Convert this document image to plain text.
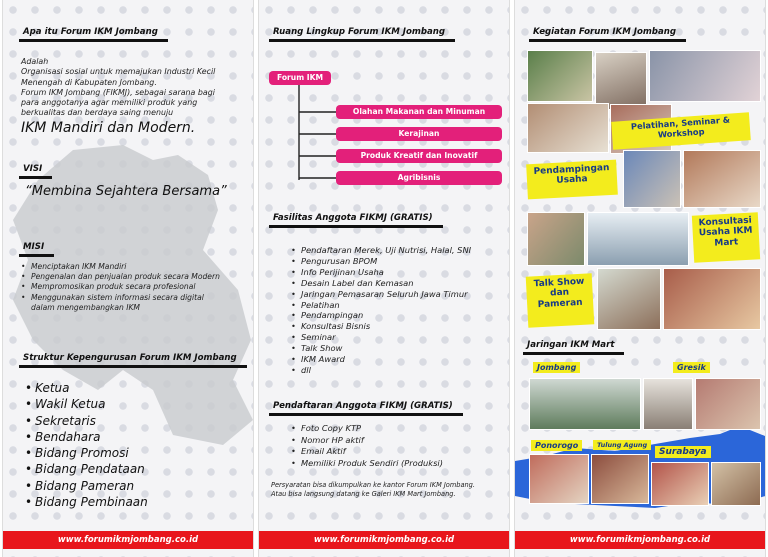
Apa itu Forum IKM Jombang
Adalah
Organisasi sosial untuk memajukan Industri Kecil
Menengah di Kabupaten Jombang.
Forum IKM Jombang (FIKMJ), sebagai sarana bagi
para anggotanya agar memiliki produk yang
berkualitas dan berdaya saing menuju
IKM Mandiri dan Modern.
VISI
“Membina Sejahtera Bersama”
MISI
• Menciptakan IKM Mandiri
• Pengenalan dan penjualan produk secara Modern
• Mempromosikan produk secara profesional
• Menggunakan sistem informasi secara digital
dalam mengembangkan IKM
Struktur Kepengurusan Forum IKM Jombang
• Ketua
• Wakil Ketua
• Sekretaris
• Bendahara
• Bidang Promosi
• Bidang Pendataan
• Bidang Pameran
• Bidang Pembinaan
www.forumikmjombang.co.id
Ruang Lingkup Forum IKM Jombang
Forum IKM
Olahan Makanan dan Minuman
Kerajinan
Produk Kreatif dan Inovatif
Agribisnis
Fasilitas Anggota FIKMJ (GRATIS)
• Pendaftaran Merek, Uji Nutrisi, Halal, SNI
• Pengurusan BPOM
• Info Perijinan Usaha
• Desain Label dan Kemasan
• Jaringan Pemasaran Seluruh Jawa Timur
• Pelatihan
• Pendampingan
• Konsultasi Bisnis
• Seminar
• Talk Show
• IKM Award
• dll
Pendaftaran Anggota FIKMJ (GRATIS)
• Foto Copy KTP
• Nomor HP aktif
• Email Aktif
• Memiliki Produk Sendiri (Produksi)
Persyaratan bisa dikumpulkan ke kantor Forum IKM Jombang.
Atau bisa langsung datang ke Galeri IKM Mart Jombang.
www.forumikmjombang.co.id
Kegiatan Forum IKM Jombang
Pelatihan, Seminar & Workshop
Pendampingan Usaha
Konsultasi Usaha IKM Mart
Talk Show dan Pameran
Jaringan IKM Mart
Jombang	Gresik
Ponorogo	Tulung Agung
Surabaya
www.forumikmjombang.co.id
